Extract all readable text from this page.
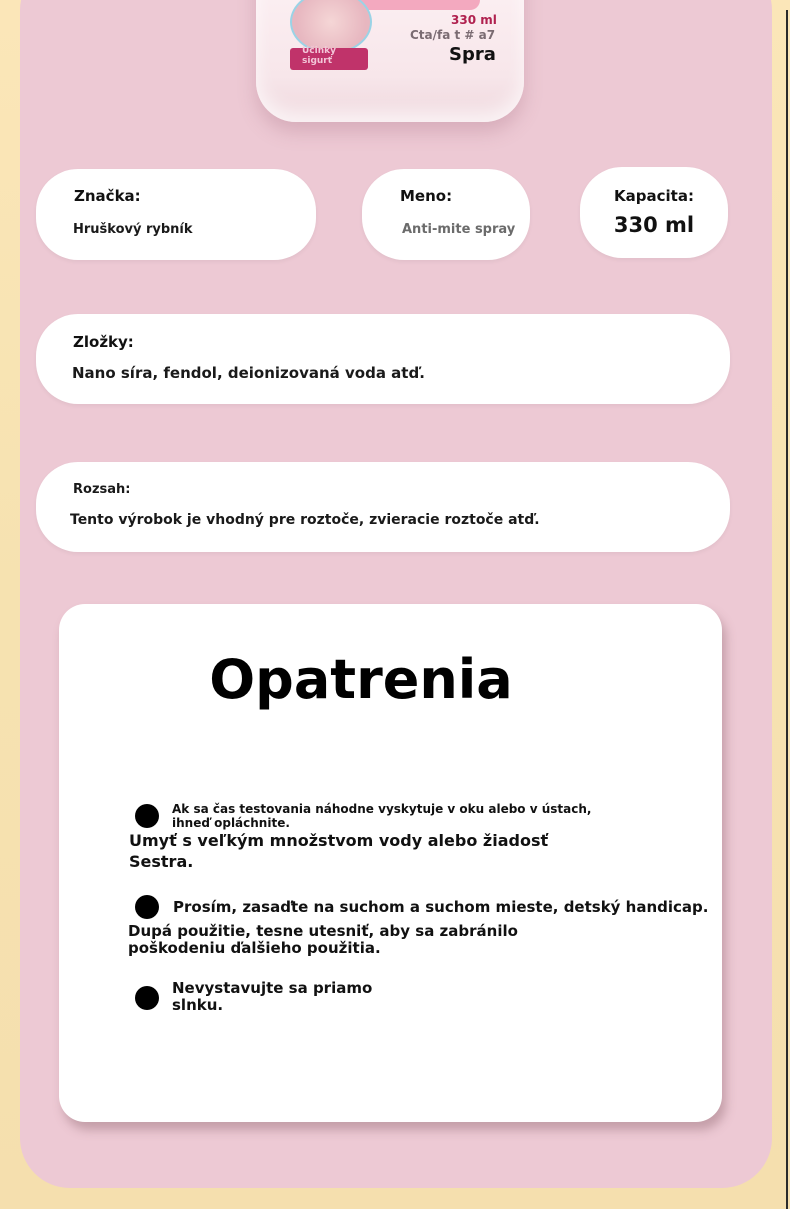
Učinky sigurť
330 ml
Cta/fa t # a7
Spra
Značka:
Hruškový rybník
Meno:
Anti-mite spray
Kapacita:
330 ml
Zložky:
Nano síra, fendol, deionizovaná voda atď.
Rozsah:
Tento výrobok je vhodný pre roztoče, zvieracie roztoče atď.
Opatrenia
Ak sa čas testovania náhodne vyskytuje v oku alebo v ústach, ihneď opláchnite.
Umyť s veľkým množstvom vody alebo žiadosť
Sestra.
Prosím, zasaďte na suchom a suchom mieste, detský handicap.
Dupá použitie, tesne utesniť, aby sa zabránilo
poškodeniu ďalšieho použitia.
Nevystavujte sa priamo
slnku.
